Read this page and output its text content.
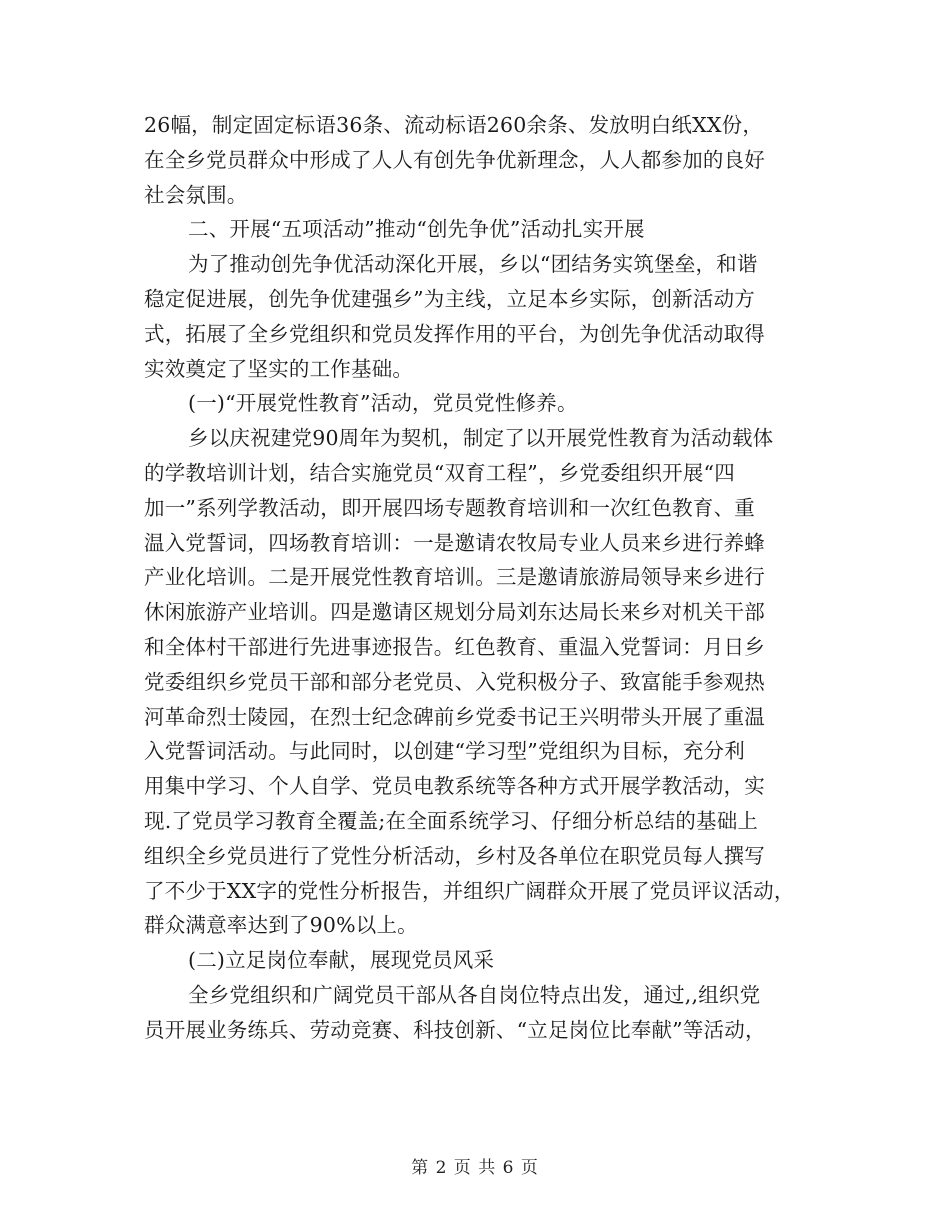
26幅，制定固定标语36条、流动标语260余条、发放明白纸XX份，
在全乡党员群众中形成了人人有创先争优新理念，人人都参加的良好
社会氛围。
二、开展“五项活动”推动“创先争优”活动扎实开展
为了推动创先争优活动深化开展，乡以“团结务实筑堡垒，和谐
稳定促进展，创先争优建强乡”为主线，立足本乡实际，创新活动方
式，拓展了全乡党组织和党员发挥作用的平台，为创先争优活动取得
实效奠定了坚实的工作基础。
(一)“开展党性教育”活动，党员党性修养。
乡以庆祝建党90周年为契机，制定了以开展党性教育为活动载体
的学教培训计划，结合实施党员“双育工程”，乡党委组织开展“四
加一”系列学教活动，即开展四场专题教育培训和一次红色教育、重
温入党誓词，四场教育培训：一是邀请农牧局专业人员来乡进行养蜂
产业化培训。二是开展党性教育培训。三是邀请旅游局领导来乡进行
休闲旅游产业培训。四是邀请区规划分局刘东达局长来乡对机关干部
和全体村干部进行先进事迹报告。红色教育、重温入党誓词：月日乡
党委组织乡党员干部和部分老党员、入党积极分子、致富能手参观热
河革命烈士陵园，在烈士纪念碑前乡党委书记王兴明带头开展了重温
入党誓词活动。与此同时，以创建“学习型”党组织为目标，充分利
用集中学习、个人自学、党员电教系统等各种方式开展学教活动，实
现.了党员学习教育全覆盖;在全面系统学习、仔细分析总结的基础上
组织全乡党员进行了党性分析活动，乡村及各单位在职党员每人撰写
了不少于XX字的党性分析报告，并组织广阔群众开展了党员评议活动，
群众满意率达到了90%以上。
(二)立足岗位奉献，展现党员风采
全乡党组织和广阔党员干部从各自岗位特点出发，通过,,组织党
员开展业务练兵、劳动竞赛、科技创新、“立足岗位比奉献”等活动，
第 2 页 共 6 页
